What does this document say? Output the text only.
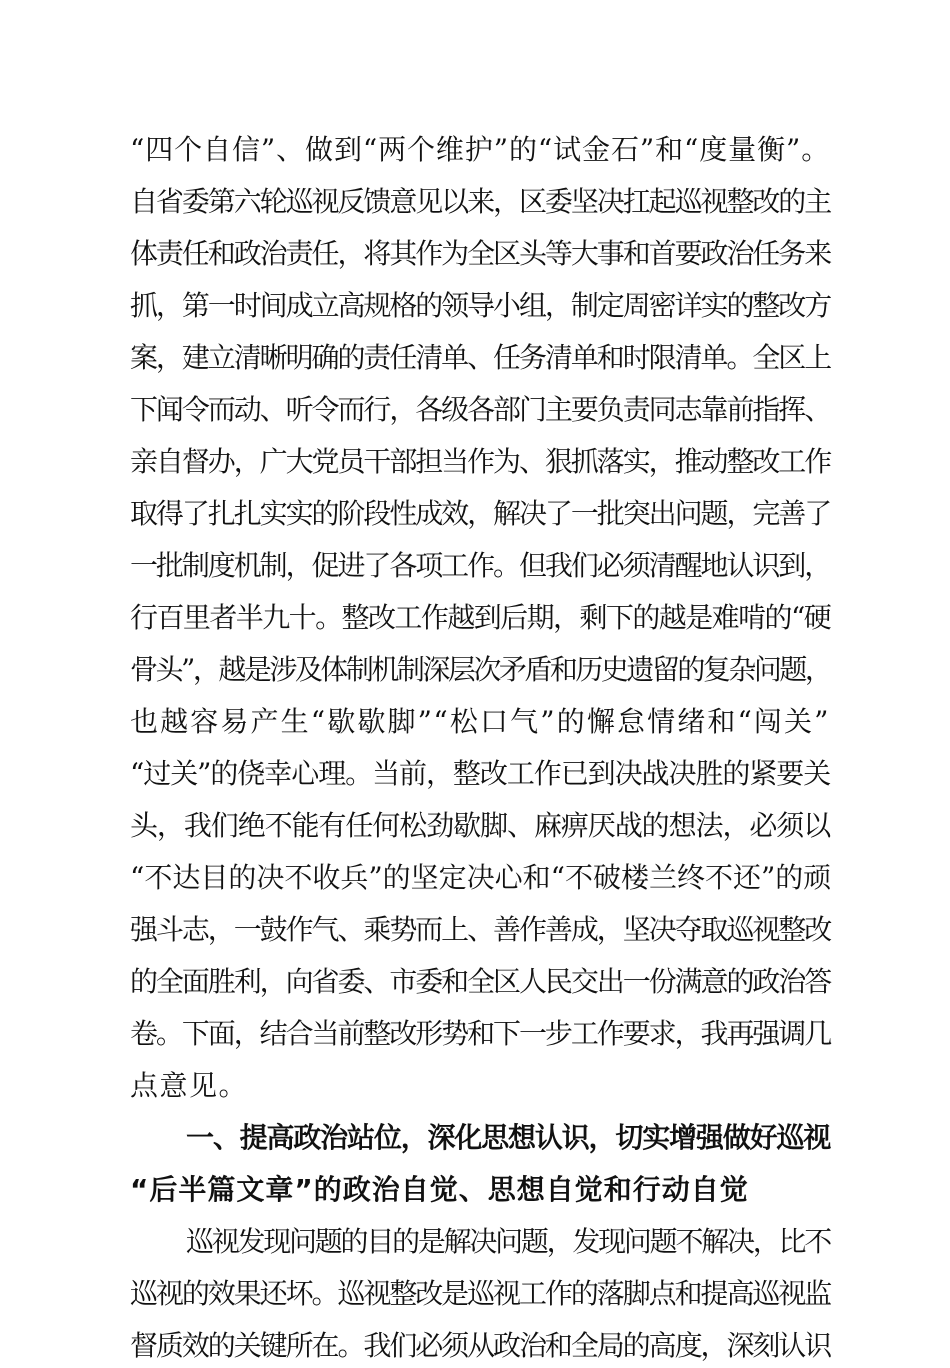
“四个自信”、做到“两个维护”的“试金石”和“度量衡”。
自省委第六轮巡视反馈意见以来，区委坚决扛起巡视整改的主
体责任和政治责任，将其作为全区头等大事和首要政治任务来
抓，第一时间成立高规格的领导小组，制定周密详实的整改方
案，建立清晰明确的责任清单、任务清单和时限清单。全区上
下闻令而动、听令而行，各级各部门主要负责同志靠前指挥、
亲自督办，广大党员干部担当作为、狠抓落实，推动整改工作
取得了扎扎实实的阶段性成效，解决了一批突出问题，完善了
一批制度机制，促进了各项工作。但我们必须清醒地认识到，
行百里者半九十。整改工作越到后期，剩下的越是难啃的“硬
骨头”，越是涉及体制机制深层次矛盾和历史遗留的复杂问题，
也越容易产生“歇歇脚”“松口气”的懈怠情绪和“闯关”
“过关”的侥幸心理。当前，整改工作已到决战决胜的紧要关
头，我们绝不能有任何松劲歇脚、麻痹厌战的想法，必须以
“不达目的决不收兵”的坚定决心和“不破楼兰终不还”的顽
强斗志，一鼓作气、乘势而上、善作善成，坚决夺取巡视整改
的全面胜利，向省委、市委和全区人民交出一份满意的政治答
卷。下面，结合当前整改形势和下一步工作要求，我再强调几
点意见。
一、提高政治站位，深化思想认识，切实增强做好巡视
“后半篇文章”的政治自觉、思想自觉和行动自觉
巡视发现问题的目的是解决问题，发现问题不解决，比不
巡视的效果还坏。巡视整改是巡视工作的落脚点和提高巡视监
督质效的关键所在。我们必须从政治和全局的高度，深刻认识
